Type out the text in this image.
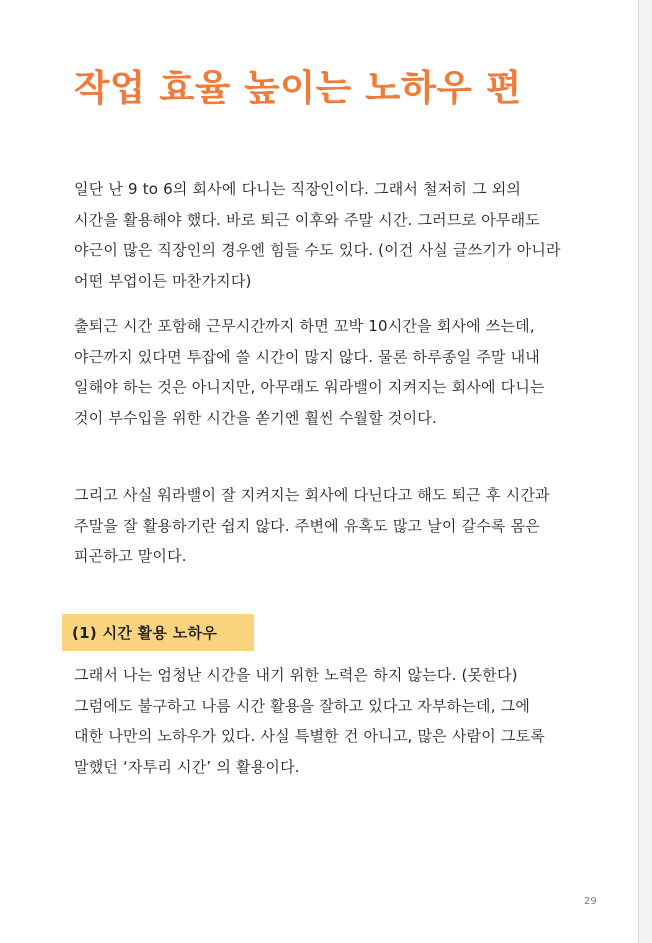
작업 효율 높이는 노하우 편

일단 난 9 to 6의 회사에 다니는 직장인이다. 그래서 철저히 그 외의 시간을 활용해야 했다. 바로 퇴근 이후와 주말 시간. 그러므로 아무래도 야근이 많은 직장인의 경우엔 힘들 수도 있다. (이건 사실 글쓰기가 아니라 어떤 부업이든 마찬가지다)

출퇴근 시간 포함해 근무시간까지 하면 꼬박 10시간을 회사에 쓰는데, 야근까지 있다면 투잡에 쓸 시간이 많지 않다. 물론 하루종일 주말 내내 일해야 하는 것은 아니지만, 아무래도 워라밸이 지켜지는 회사에 다니는 것이 부수입을 위한 시간을 쏟기엔 훨씬 수월할 것이다.

그리고 사실 워라밸이 잘 지켜지는 회사에 다닌다고 해도 퇴근 후 시간과 주말을 잘 활용하기란 쉽지 않다. 주변에 유혹도 많고 날이 갈수록 몸은 피곤하고 말이다.

(1) 시간 활용 노하우

그래서 나는 엄청난 시간을 내기 위한 노력은 하지 않는다. (못한다) 그럼에도 불구하고 나름 시간 활용을 잘하고 있다고 자부하는데, 그에 대한 나만의 노하우가 있다. 사실 특별한 건 아니고, 많은 사람이 그토록 말했던 ‘자투리 시간’ 의 활용이다.

29
